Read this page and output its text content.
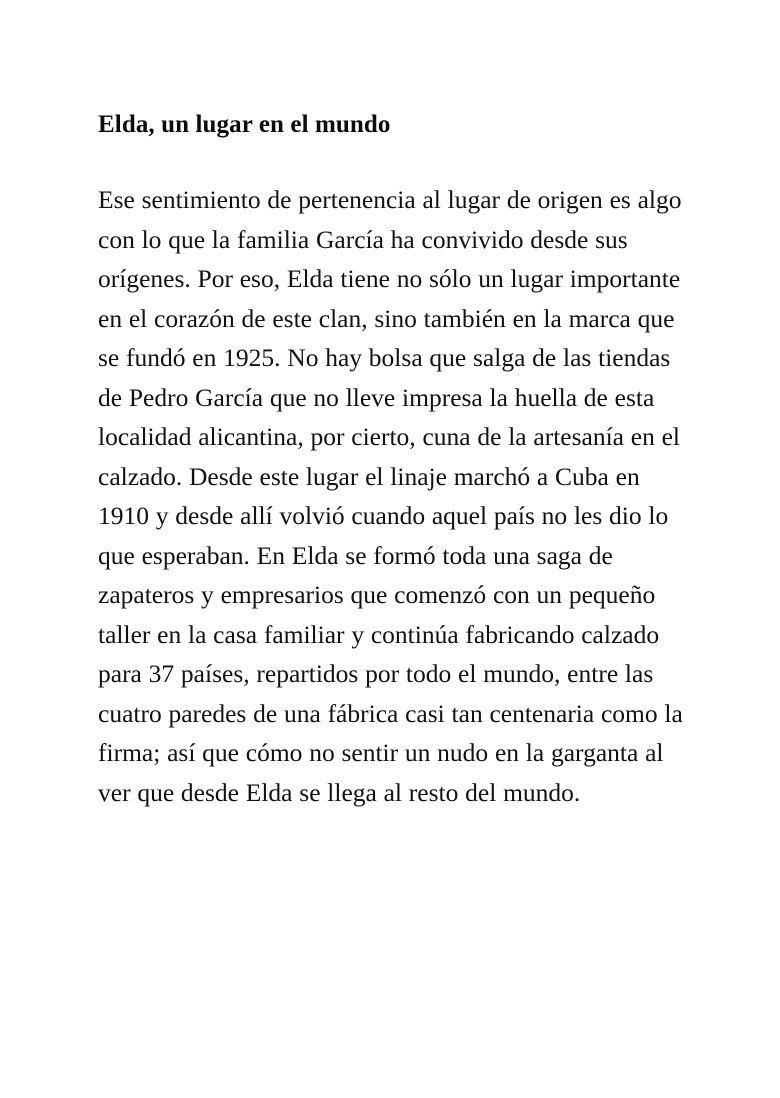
Elda, un lugar en el mundo

Ese sentimiento de pertenencia al lugar de origen es algo con lo que la familia García ha convivido desde sus orígenes. Por eso, Elda tiene no sólo un lugar importante en el corazón de este clan, sino también en la marca que se fundó en 1925. No hay bolsa que salga de las tiendas de Pedro García que no lleve impresa la huella de esta localidad alicantina, por cierto, cuna de la artesanía en el calzado. Desde este lugar el linaje marchó a Cuba en 1910 y desde allí volvió cuando aquel país no les dio lo que esperaban. En Elda se formó toda una saga de zapateros y empresarios que comenzó con un pequeño taller en la casa familiar y continúa fabricando calzado para 37 países, repartidos por todo el mundo, entre las cuatro paredes de una fábrica casi tan centenaria como la firma; así que cómo no sentir un nudo en la garganta al ver que desde Elda se llega al resto del mundo.
